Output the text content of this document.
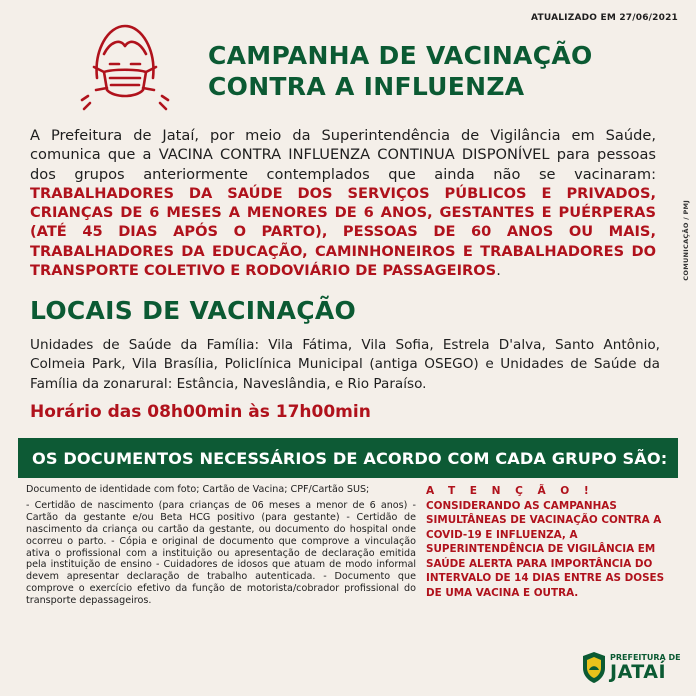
ATUALIZADO EM 27/06/2021
CAMPANHA DE VACINAÇÃO
CONTRA A INFLUENZA

A Prefeitura de Jataí, por meio da Superintendência de Vigilância em Saúde, comunica que a VACINA CONTRA INFLUENZA CONTINUA DISPONÍVEL para pessoas dos grupos anteriormente contemplados que ainda não se vacinaram: TRABALHADORES DA SAÚDE DOS SERVIÇOS PÚBLICOS E PRIVADOS, CRIANÇAS DE 6 MESES A MENORES DE 6 ANOS, GESTANTES E PUÉRPERAS (ATÉ 45 DIAS APÓS O PARTO), PESSOAS DE 60 ANOS OU MAIS, TRABALHADORES DA EDUCAÇÃO, CAMINHONEIROS E TRABALHADORES DO TRANSPORTE COLETIVO E RODOVIÁRIO DE PASSAGEIROS.	COMUNICAÇÃO / PMJ
LOCAIS DE VACINAÇÃO

Unidades de Saúde da Família: Vila Fátima, Vila Sofia, Estrela D'alva, Santo Antônio, Colmeia Park, Vila Brasília, Policlínica Municipal (antiga OSEGO) e Unidades de Saúde da Família da zonarural: Estância, Naveslândia, e Rio Paraíso.

Horário das 08h00min às 17h00min

OS DOCUMENTOS NECESSÁRIOS DE ACORDO COM CADA GRUPO SÃO:

Documento de identidade com foto; Cartão de Vacina; CPF/Cartão SUS;
- Certidão de nascimento (para crianças de 06 meses a menor de 6 anos) - Cartão da gestante e/ou Beta HCG positivo (para gestante) - Certidão de nascimento da criança ou cartão da gestante, ou documento do hospital onde ocorreu o parto. - Cópia e original de documento que comprove a vinculação ativa o profissional com a instituição ou apresentação de declaração emitida pela instituição de ensino - Cuidadores de idosos que atuam de modo informal devem apresentar declaração de trabalho autenticada. - Documento que comprove o exercício efetivo da função de motorista/cobrador profissional do transporte depassageiros.

ATENÇÃO!
CONSIDERANDO AS CAMPANHAS SIMULTÂNEAS DE VACINAÇÃO CONTRA A COVID-19 E INFLUENZA, A SUPERINTENDÊNCIA DE VIGILÂNCIA EM SAÚDE ALERTA PARA IMPORTÂNCIA DO INTERVALO DE 14 DIAS ENTRE AS DOSES DE UMA VACINA E OUTRA.

PREFEITURA DE
JATAÍ
